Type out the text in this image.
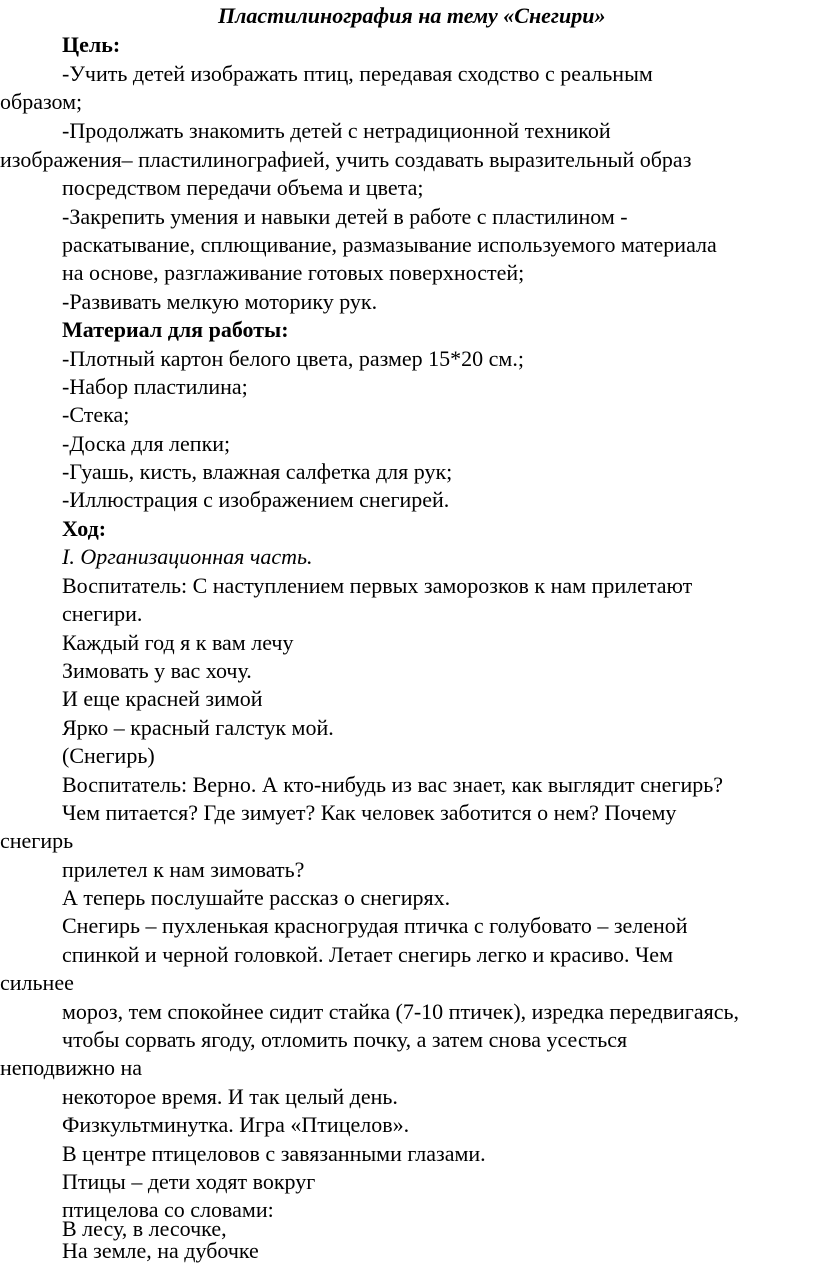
Пластилинография на тему «Снегири»
Цель:
-Учить детей изображать птиц, передавая сходство с реальным
образом;
-Продолжать знакомить детей с нетрадиционной техникой
изображения– пластилинографией, учить создавать выразительный образ
посредством передачи объема и цвета;
-Закрепить умения и навыки детей в работе с пластилином -
раскатывание, сплющивание, размазывание используемого материала
на основе, разглаживание готовых поверхностей;
-Развивать мелкую моторику рук.
Материал для работы:
-Плотный картон белого цвета, размер 15*20 см.;
-Набор пластилина;
-Стека;
-Доска для лепки;
-Гуашь, кисть, влажная салфетка для рук;
-Иллюстрация с изображением снегирей.
Ход:
I. Организационная часть.
Воспитатель: С наступлением первых заморозков к нам прилетают
снегири.
Каждый год я к вам лечу
Зимовать у вас хочу.
И еще красней зимой
Ярко – красный галстук мой.
(Снегирь)
Воспитатель: Верно. А кто-нибудь из вас знает, как выглядит снегирь?
Чем питается? Где зимует? Как человек заботится о нем? Почему
снегирь
прилетел к нам зимовать?
А теперь послушайте рассказ о снегирях.
Снегирь – пухленькая красногрудая птичка с голубовато – зеленой
спинкой и черной головкой. Летает снегирь легко и красиво. Чем
сильнее
мороз, тем спокойнее сидит стайка (7-10 птичек), изредка передвигаясь,
чтобы сорвать ягоду, отломить почку, а затем снова усесться
неподвижно на
некоторое время. И так целый день.
Физкультминутка. Игра «Птицелов».
В центре птицеловов с завязанными глазами.
Птицы – дети ходят вокруг
птицелова со словами:
В лесу, в лесочке,
На земле, на дубочке
